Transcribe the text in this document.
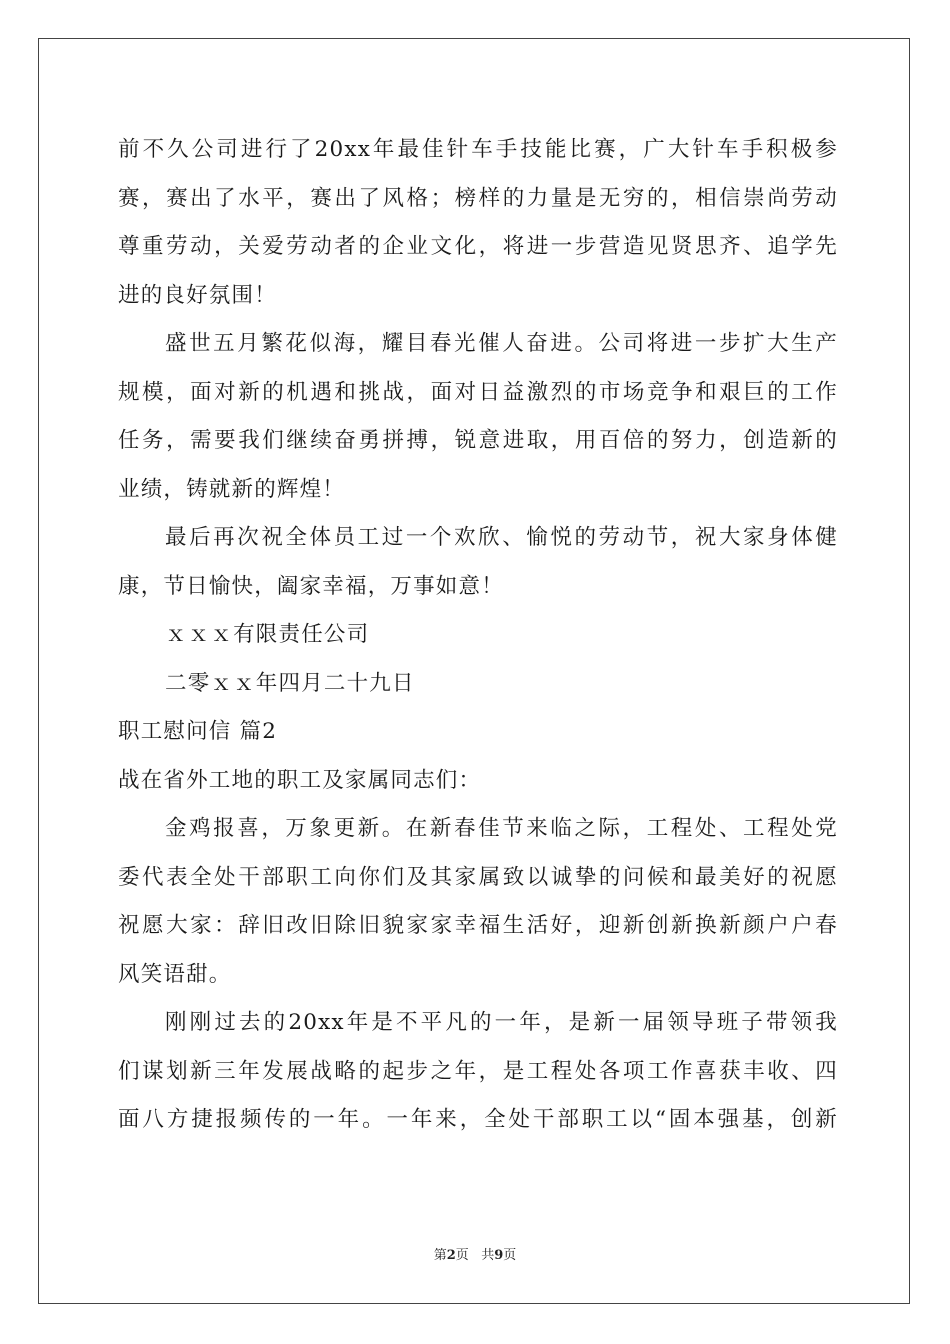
前不久公司进行了20xx年最佳针车手技能比赛，广大针车手积极参
赛，赛出了水平，赛出了风格；榜样的力量是无穷的，相信崇尚劳动
尊重劳动，关爱劳动者的企业文化，将进一步营造见贤思齐、追学先
进的良好氛围！
盛世五月繁花似海，耀目春光催人奋进。公司将进一步扩大生产
规模，面对新的机遇和挑战，面对日益激烈的市场竞争和艰巨的工作
任务，需要我们继续奋勇拼搏，锐意进取，用百倍的努力，创造新的
业绩，铸就新的辉煌！
最后再次祝全体员工过一个欢欣、愉悦的劳动节，祝大家身体健
康，节日愉快，阖家幸福，万事如意！
ｘｘｘ有限责任公司
二零ｘｘ年四月二十九日
职工慰问信 篇2
战在省外工地的职工及家属同志们：
金鸡报喜，万象更新。在新春佳节来临之际，工程处、工程处党
委代表全处干部职工向你们及其家属致以诚挚的问候和最美好的祝愿
祝愿大家：辞旧改旧除旧貌家家幸福生活好，迎新创新换新颜户户春
风笑语甜。
刚刚过去的20xx年是不平凡的一年，是新一届领导班子带领我
们谋划新三年发展战略的起步之年，是工程处各项工作喜获丰收、四
面八方捷报频传的一年。一年来，全处干部职工以“固本强基，创新
第2页 共9页
